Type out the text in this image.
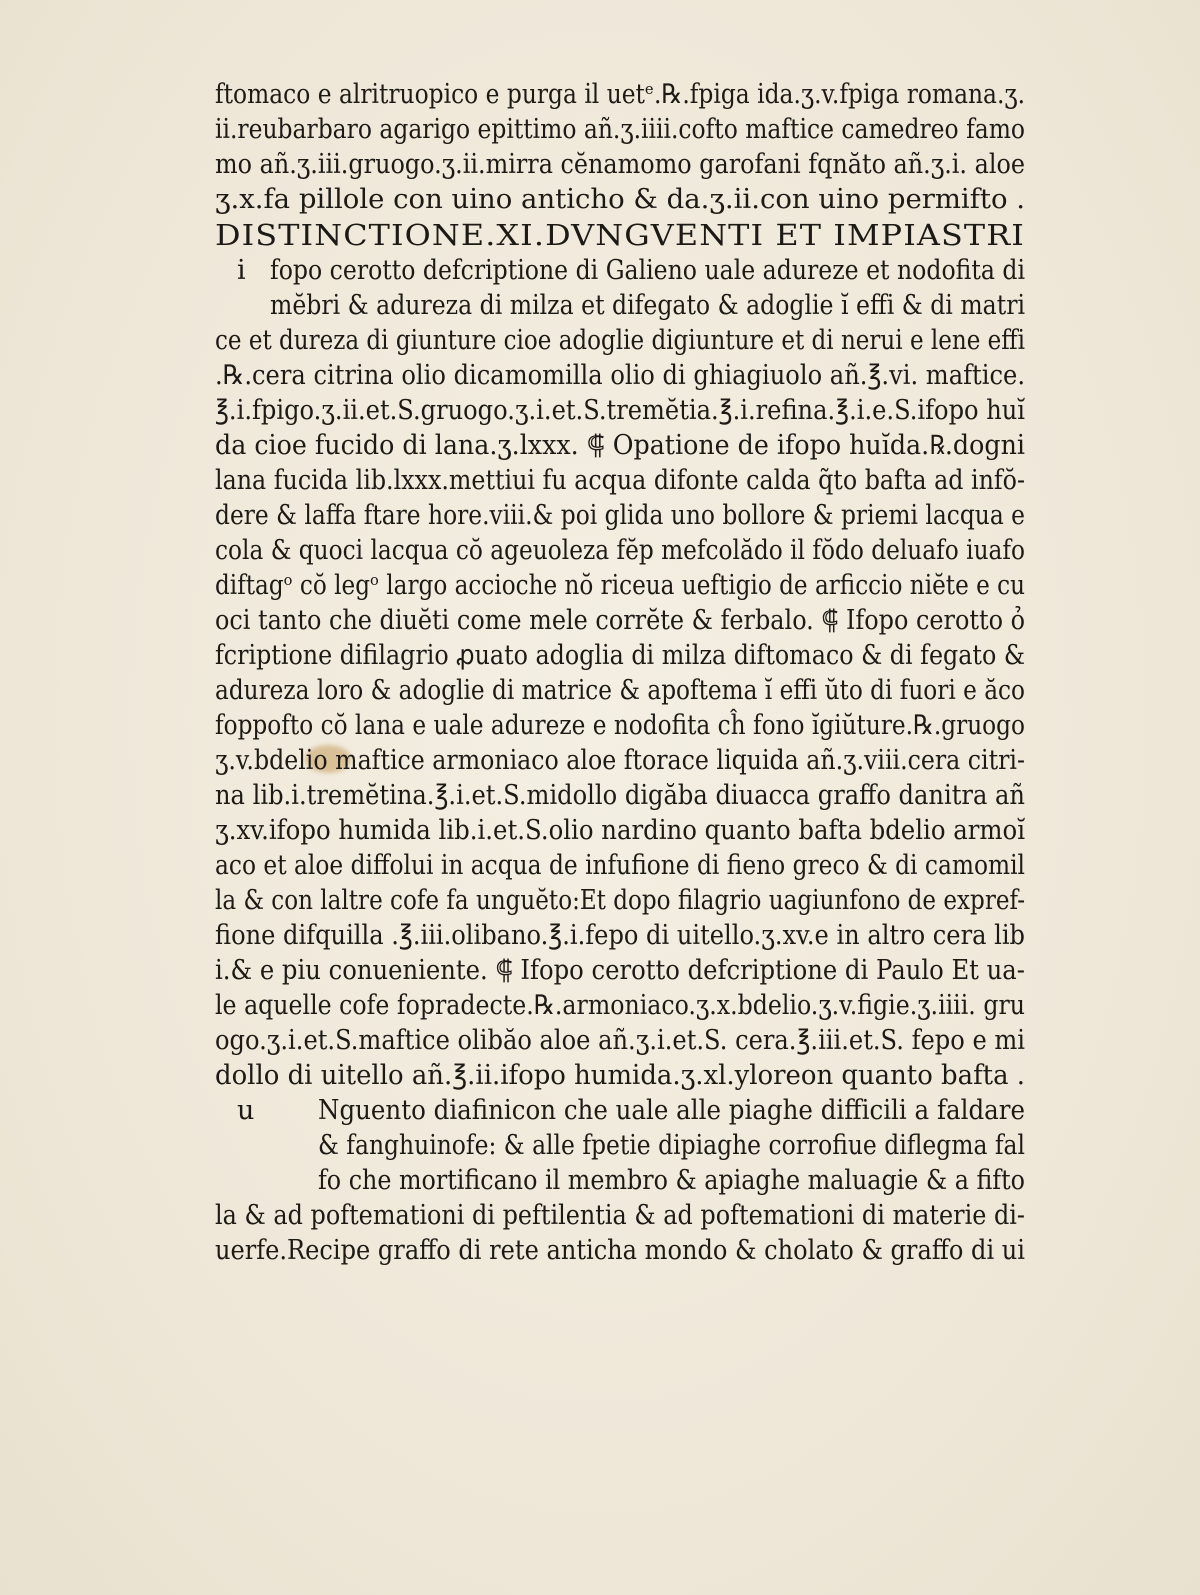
ftomaco e alritruopico e purga il uetᵉ.℞.fpiga ida.ʒ.v.fpiga romana.ʒ.
ii.reubarbaro agarigo epittimo añ.ʒ.iiii.cofto maftice camedreo famo
mo añ.ʒ.iii.gruogo.ʒ.ii.mirra cĕnamomo garofani fqnăto añ.ʒ.i. aloe
ʒ.x.fa pillole con uino anticho & da.ʒ.ii.con uino permifto .
DISTINCTIONE.XI.DVNGVENTI ET IMPIASTRI
i fopo cerotto defcriptione di Galieno uale adureze et nodofita di
mĕbri & adureza di milza et difegato & adoglie ĭ effi & di matri
ce et dureza di giunture cioe adoglie digiunture et di nerui e lene effi
.℞.cera citrina olio dicamomilla olio di ghiagiuolo añ.℥.vi. maftice.
℥.i.fpigo.ʒ.ii.et.S.gruogo.ʒ.i.et.S.tremĕtia.℥.i.refina.℥.i.e.S.ifopo huĭ
da cioe fucido di lana.ʒ.lxxx. ⸿ Opatione de ifopo huĭda.℞.dogni
lana fucida lib.lxxx.mettiui fu acqua difonte calda q̃to bafta ad infŏ-
dere & laffa ftare hore.viii.& poi glida uno bollore & priemi lacqua e
cola & quoci lacqua cŏ ageuoleza fĕp mefcolădo il fŏdo deluafo iuafo
diftagᵒ cŏ legᵒ largo accioche nŏ riceua ueftigio de arficcio niĕte e cu
oci tanto che diuĕti come mele corrĕte & ferbalo. ⸿ Ifopo cerotto ỏ
fcriptione difilagrio ꝓuato adoglia di milza diftomaco & di fegato &
adureza loro & adoglie di matrice & apoftema ĭ effi ŭto di fuori e ăco
foppofto cŏ lana e uale adureze e nodofita cĥ fono ĭgiŭture.℞.gruogo
ʒ.v.bdelio maftice armoniaco aloe ftorace liquida añ.ʒ.viii.cera citri-
na lib.i.tremĕtina.℥.i.et.S.midollo digăba diuacca graffo danitra añ
ʒ.xv.ifopo humida lib.i.et.S.olio nardino quanto bafta bdelio armoĭ
aco et aloe diffolui in acqua de infufione di fieno greco & di camomil
la & con laltre cofe fa unguĕto:Et dopo filagrio uagiunfono de expref-
fione difquilla .℥.iii.olibano.℥.i.fepo di uitello.ʒ.xv.e in altro cera lib
i.& e piu conueniente. ⸿ Ifopo cerotto defcriptione di Paulo Et ua-
le aquelle cofe fopradecte.℞.armoniaco.ʒ.x.bdelio.ʒ.v.figie.ʒ.iiii. gru
ogo.ʒ.i.et.S.maftice olibăo aloe añ.ʒ.i.et.S. cera.℥.iii.et.S. fepo e mi
dollo di uitello añ.℥.ii.ifopo humida.ʒ.xl.yloreon quanto bafta .
u Nguento diafinicon che uale alle piaghe difficili a faldare
& fanghuinofe: & alle fpetie dipiaghe corrofiue diflegma fal
fo che mortificano il membro & apiaghe maluagie & a fifto
la & ad poftemationi di peftilentia & ad poftemationi di materie di-
uerfe.Recipe graffo di rete anticha mondo & cholato & graffo di ui
